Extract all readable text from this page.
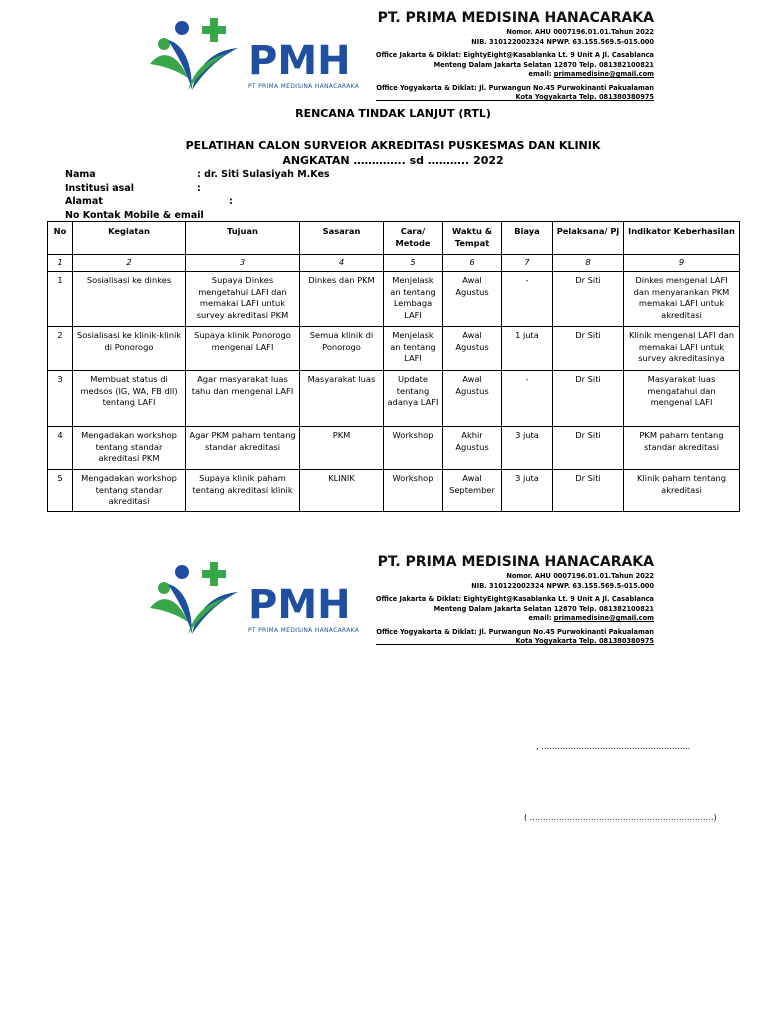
PMH
PT PRIMA MEDISINA HANACARAKA
PT. PRIMA MEDISINA HANACARAKA
Nomor. AHU 0007196.01.01.Tahun 2022
NIB. 310122002324 NPWP. 63.155.569.5-015.000
Office Jakarta & Diklat: EightyEight@Kasablanka Lt. 9 Unit A Jl. Casablanca
Menteng Dalam Jakarta Selatan 12870 Telp. 081382100821
email: primamedisine@gmail.com
Office Yogyakarta & Diklat: Jl. Purwangun No.45 Purwokinanti Pakualaman
Kota Yogyakarta Telp. 081380380975
RENCANA TINDAK LANJUT (RTL)
PELATIHAN CALON SURVEIOR AKREDITASI PUSKESMAS DAN KLINIK
ANGKATAN ………….. sd ……….. 2022
Nama	: dr. Siti Sulasiyah M.Kes
Institusi asal	:
Alamat	:
No Kontak Mobile & email
No	Kegiatan	Tujuan	Sasaran	Cara/ Metode	Waktu & Tempat	Biaya	Pelaksana/ Pj	Indikator Keberhasilan
1	2	3	4	5	6	7	8	9
1	Sosialisasi ke dinkes	Supaya Dinkes mengetahui LAFI dan memakai LAFI untuk survey akreditasi PKM	Dinkes dan PKM	Menjelask an tentang Lembaga LAFI	Awal Agustus	-	Dr Siti	Dinkes mengenal LAFI dan menyarankan PKM memakai LAFI untuk akreditasi
2	Sosialisasi ke klinik-klinik di Ponorogo	Supaya klinik Ponorogo mengenal LAFI	Semua klinik di Ponorogo	Menjelask an tentang LAFI	Awal Agustus	1 juta	Dr Siti	Klinik mengenal LAFI dan memakai LAFI untuk survey akreditasinya
3	Membuat status di medsos (IG, WA, FB dll) tentang LAFI	Agar masyarakat luas tahu dan mengenal LAFI	Masyarakat luas	Update tentang adanya LAFI	Awal Agustus	-	Dr Siti	Masyarakat luas mengatahui dan mengenal LAFI
4	Mengadakan workshop tentang standar akreditasi PKM	Agar PKM paham tentang standar akreditasi	PKM	Workshop	Akhir Agustus	3 juta	Dr Siti	PKM paham tentang standar akreditasi
5	Mengadakan workshop tentang standar akreditasi	Supaya klinik paham tentang akreditasi klinik	KLINIK	Workshop	Awal September	3 juta	Dr Siti	Klinik paham tentang akreditasi
PMH
PT PRIMA MEDISINA HANACARAKA
PT. PRIMA MEDISINA HANACARAKA
Nomor. AHU 0007196.01.01.Tahun 2022
NIB. 310122002324 NPWP. 63.155.569.5-015.000
Office Jakarta & Diklat: EightyEight@Kasablanka Lt. 9 Unit A Jl. Casablanca
Menteng Dalam Jakarta Selatan 12870 Telp. 081382100821
email: primamedisine@gmail.com
Office Yogyakarta & Diklat: Jl. Purwangun No.45 Purwokinanti Pakualaman
Kota Yogyakarta Telp. 081380380975
, ………………………………………………..
( ……………………………………………………………)
